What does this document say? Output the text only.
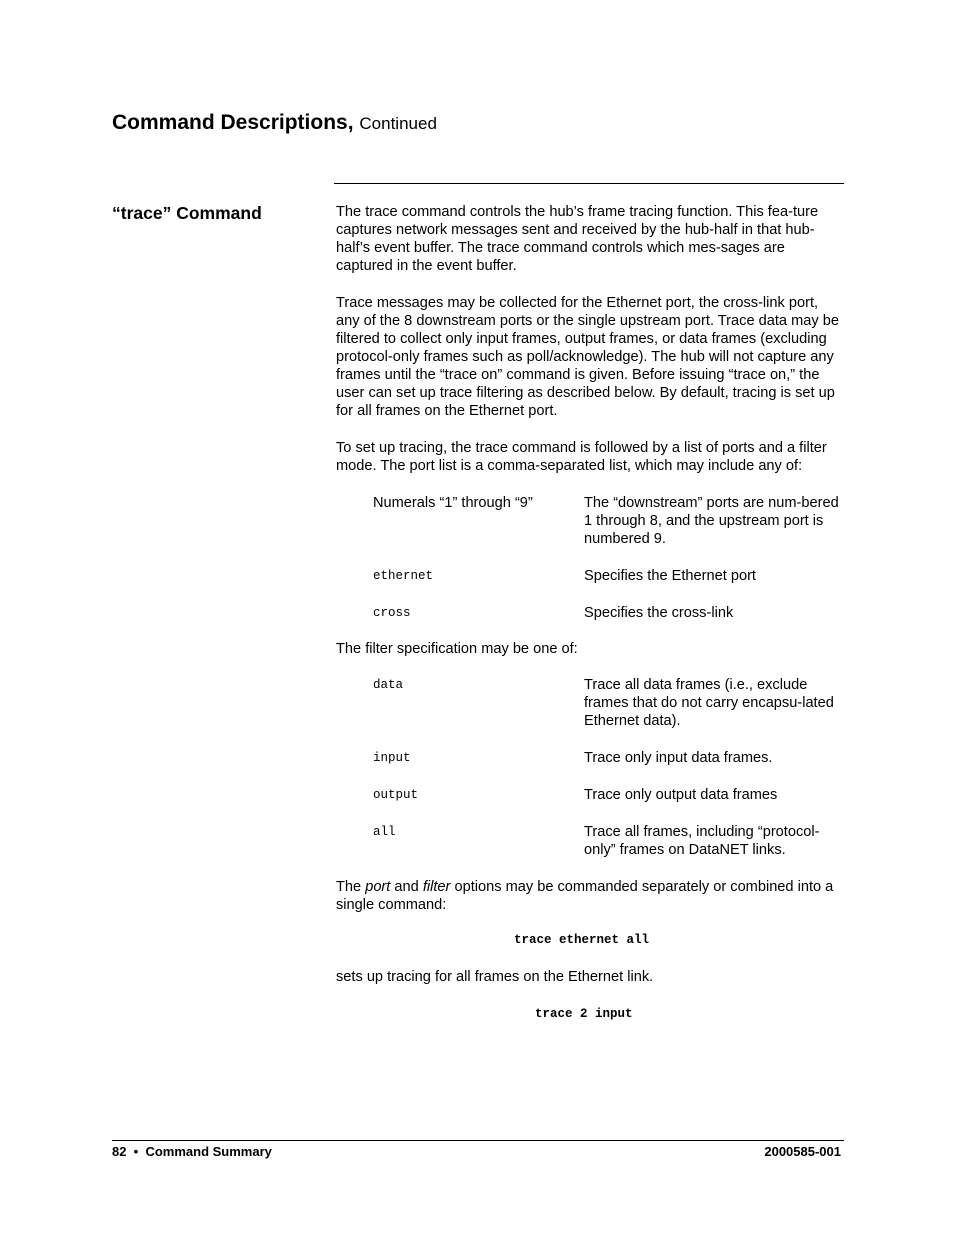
Command Descriptions, Continued
“trace” Command	The trace command controls the hub’s frame tracing function. This fea-ture captures network messages sent and received by the hub-half in that hub-half’s event buffer. The trace command controls which mes-sages are captured in the event buffer.

Trace messages may be collected for the Ethernet port, the cross-link port, any of the 8 downstream ports or the single upstream port. Trace data may be filtered to collect only input frames, output frames, or data frames (excluding protocol-only frames such as poll/acknowledge). The hub will not capture any frames until the “trace on” command is given. Before issuing “trace on,” the user can set up trace filtering as described below. By default, tracing is set up for all frames on the Ethernet port.

To set up tracing, the trace command is followed by a list of ports and a filter mode. The port list is a comma-separated list, which may include any of:

Numerals “1” through “9”	The “downstream” ports are num-bered 1 through 8, and the upstream port is numbered 9.
ethernet	Specifies the Ethernet port
cross	Specifies the cross-link

The filter specification may be one of:

data	Trace all data frames (i.e., exclude frames that do not carry encapsu-lated Ethernet data).
input	Trace only input data frames.
output	Trace only output data frames
all	Trace all frames, including “protocol-only” frames on DataNET links.

The port and filter options may be commanded separately or combined into a single command:

trace ethernet all

sets up tracing for all frames on the Ethernet link.

trace 2 input
82  •  Command Summary	2000585-001
